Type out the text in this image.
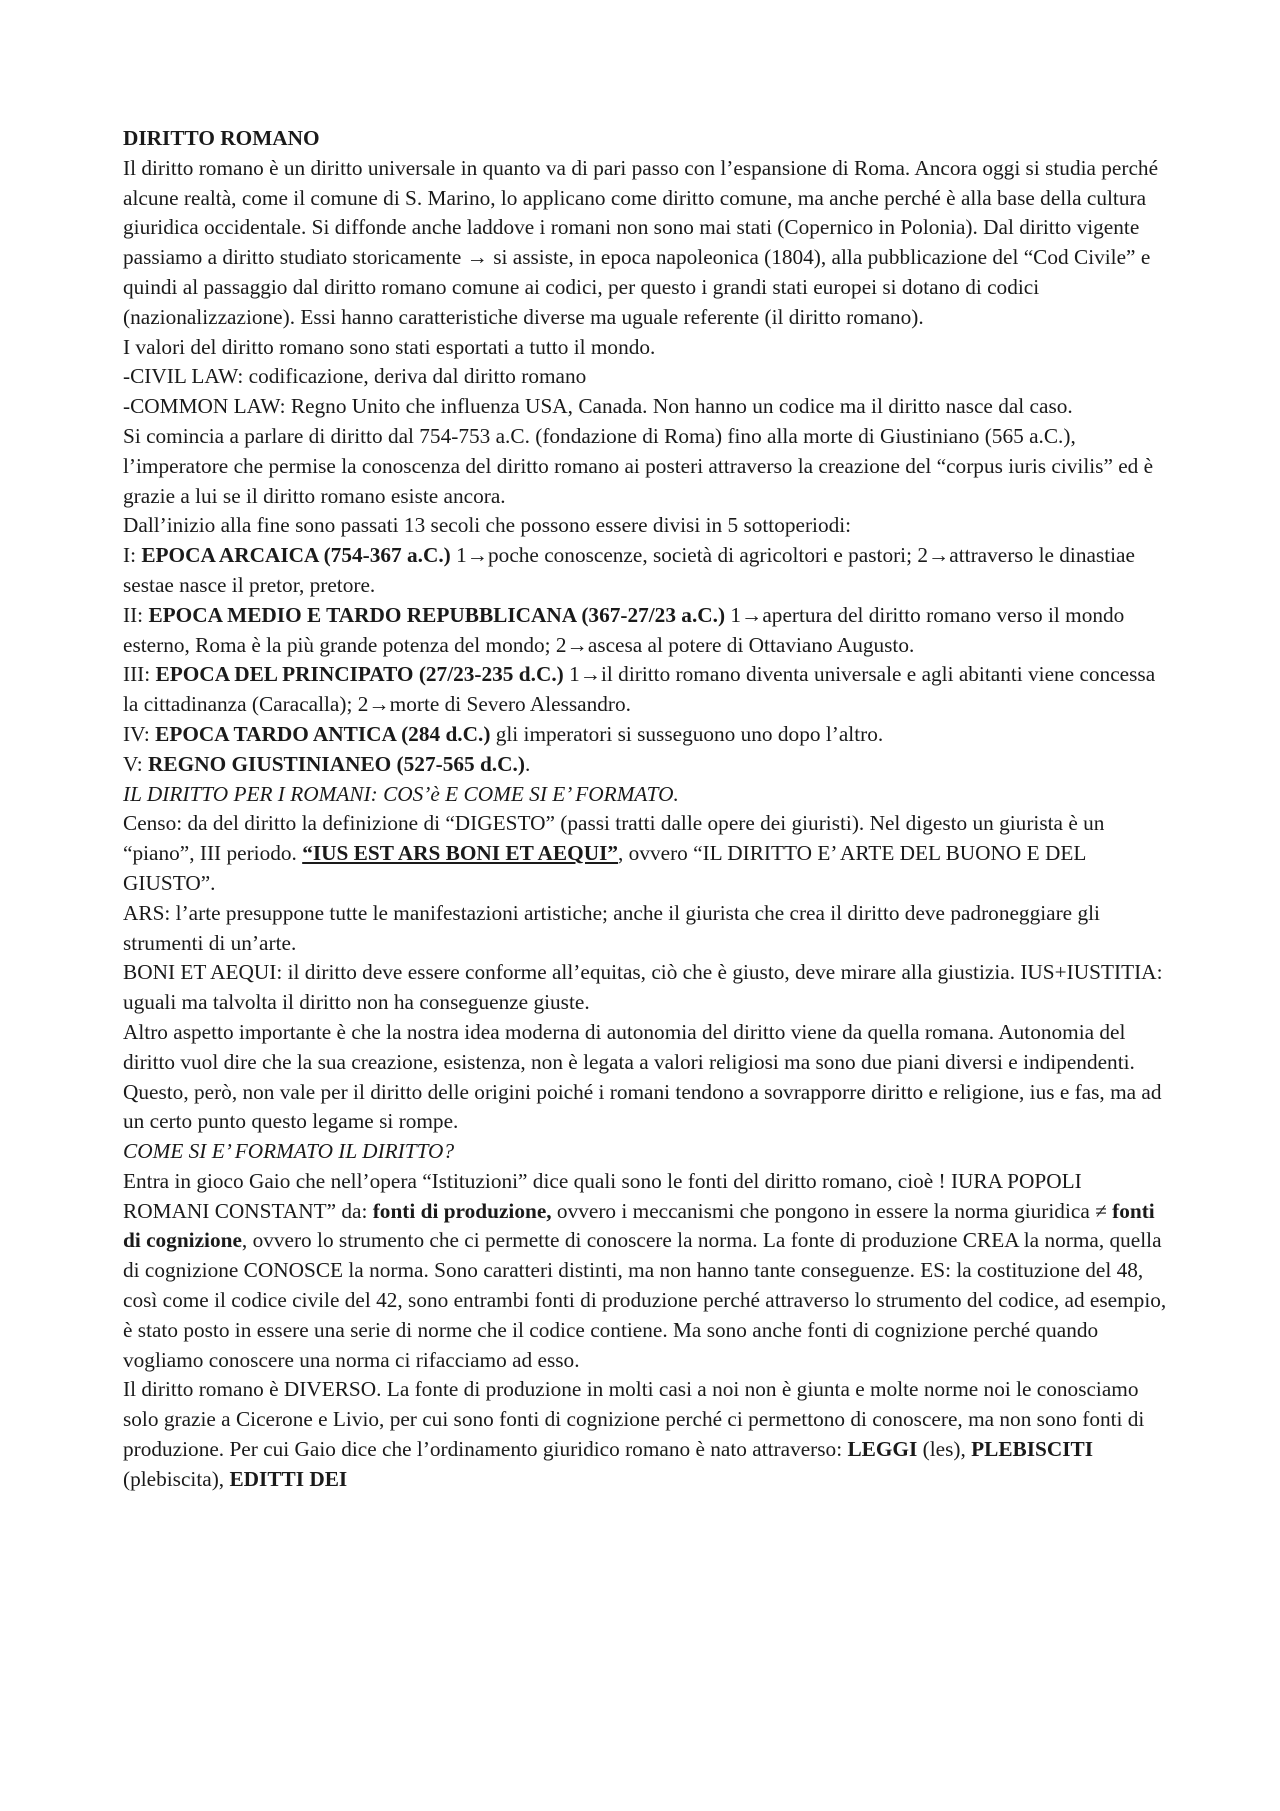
DIRITTO ROMANO

Il diritto romano è un diritto universale in quanto va di pari passo con l’espansione di Roma. Ancora oggi si studia perché alcune realtà, come il comune di S. Marino, lo applicano come diritto comune, ma anche perché è alla base della cultura giuridica occidentale. Si diffonde anche laddove i romani non sono mai stati (Copernico in Polonia). Dal diritto vigente passiamo a diritto studiato storicamente → si assiste, in epoca napoleonica (1804), alla pubblicazione del “Cod Civile” e quindi al passaggio dal diritto romano comune ai codici, per questo i grandi stati europei si dotano di codici (nazionalizzazione). Essi hanno caratteristiche diverse ma uguale referente (il diritto romano).

I valori del diritto romano sono stati esportati a tutto il mondo.

-CIVIL LAW: codificazione, deriva dal diritto romano

-COMMON LAW: Regno Unito che influenza USA, Canada. Non hanno un codice ma il diritto nasce dal caso.

Si comincia a parlare di diritto dal 754-753 a.C. (fondazione di Roma) fino alla morte di Giustiniano (565 a.C.), l’imperatore che permise la conoscenza del diritto romano ai posteri attraverso la creazione del “corpus iuris civilis” ed è grazie a lui se il diritto romano esiste ancora.

Dall’inizio alla fine sono passati 13 secoli che possono essere divisi in 5 sottoperiodi:

I: EPOCA ARCAICA (754-367 a.C.) 1→poche conoscenze, società di agricoltori e pastori; 2→attraverso le dinastiae sestae nasce il pretor, pretore.

II: EPOCA MEDIO E TARDO REPUBBLICANA (367-27/23 a.C.) 1→apertura del diritto romano verso il mondo esterno, Roma è la più grande potenza del mondo; 2→ascesa al potere di Ottaviano Augusto.

III: EPOCA DEL PRINCIPATO (27/23-235 d.C.) 1→il diritto romano diventa universale e agli abitanti viene concessa la cittadinanza (Caracalla); 2→morte di Severo Alessandro.

IV: EPOCA TARDO ANTICA (284 d.C.) gli imperatori si susseguono uno dopo l’altro.

V: REGNO GIUSTINIANEO (527-565 d.C.).

IL DIRITTO PER I ROMANI: COS’è E COME SI E’ FORMATO.

Censo: da del diritto la definizione di “DIGESTO” (passi tratti dalle opere dei giuristi). Nel digesto un giurista è un “piano”, III periodo. “IUS EST ARS BONI ET AEQUI”, ovvero “IL DIRITTO E’ ARTE DEL BUONO E DEL GIUSTO”.

ARS: l’arte presuppone tutte le manifestazioni artistiche; anche il giurista che crea il diritto deve padroneggiare gli strumenti di un’arte.

BONI ET AEQUI: il diritto deve essere conforme all’equitas, ciò che è giusto, deve mirare alla giustizia. IUS+IUSTITIA: uguali ma talvolta il diritto non ha conseguenze giuste.

Altro aspetto importante è che la nostra idea moderna di autonomia del diritto viene da quella romana. Autonomia del diritto vuol dire che la sua creazione, esistenza, non è legata a valori religiosi ma sono due piani diversi e indipendenti. Questo, però, non vale per il diritto delle origini poiché i romani tendono a sovrapporre diritto e religione, ius e fas, ma ad un certo punto questo legame si rompe.

COME SI E’ FORMATO IL DIRITTO?

Entra in gioco Gaio che nell’opera “Istituzioni” dice quali sono le fonti del diritto romano, cioè ! IURA POPOLI ROMANI CONSTANT” da: fonti di produzione, ovvero i meccanismi che pongono in essere la norma giuridica ≠ fonti di cognizione, ovvero lo strumento che ci permette di conoscere la norma. La fonte di produzione CREA la norma, quella di cognizione CONOSCE la norma. Sono caratteri distinti, ma non hanno tante conseguenze. ES: la costituzione del 48, così come il codice civile del 42, sono entrambi fonti di produzione perché attraverso lo strumento del codice, ad esempio, è stato posto in essere una serie di norme che il codice contiene. Ma sono anche fonti di cognizione perché quando vogliamo conoscere una norma ci rifacciamo ad esso.

Il diritto romano è DIVERSO. La fonte di produzione in molti casi a noi non è giunta e molte norme noi le conosciamo solo grazie a Cicerone e Livio, per cui sono fonti di cognizione perché ci permettono di conoscere, ma non sono fonti di produzione. Per cui Gaio dice che l’ordinamento giuridico romano è nato attraverso: LEGGI (les), PLEBISCITI (plebiscita), EDITTI DEI
